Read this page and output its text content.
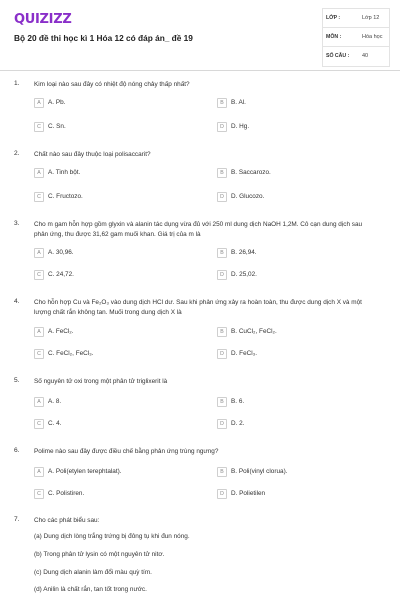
QUIZIZZ
Bộ 20 đề thi học kì 1 Hóa 12 có đáp án_ đề 19
LỚP :	Lớp 12
MÔN :	Hóa học
SỐ CÂU : 40
1. Kim loại nào sau đây có nhiệt độ nóng chảy thấp nhất?
A	A. Pb.	B	B. Al.
C	C. Sn.	D	D. Hg.
2. Chất nào sau đây thuộc loại polisaccarit?
A	A. Tinh bột.	B	B. Saccarozo.
C	C. Fructozo.	D	D. Glucozo.
3. Cho m gam hỗn hợp gồm glyxin và alanin tác dụng vừa đủ với 250 ml dung dịch NaOH 1,2M. Cô cạn dung dịch sau
phản ứng, thu được 31,62 gam muối khan. Giá trị của m là
A	A. 30,96.	B	B. 26,94.
C	C. 24,72.	D	D. 25,02.
4. Cho hỗn hợp Cu và Fe₂O₃ vào dung dịch HCl dư. Sau khi phản ứng xảy ra hoàn toàn, thu được dung dịch X và một
lượng chất rắn không tan. Muối trong dung dịch X là
A	A. FeCl₂.	B	B. CuCl₂, FeCl₂.
C	C. FeCl₂, FeCl₃.	D	D. FeCl₃.
5. Số nguyên tử oxi trong một phân tử triglixerit là
A	A. 8.	B	B. 6.
C	C. 4.	D	D. 2.
6. Polime nào sau đây được điều chế bằng phản ứng trùng ngưng?
A	A. Poli(etylen terephtalat).	B	B. Poli(vinyl clorua).
C	C. Polistiren.	D	D. Polietilen
7. Cho các phát biểu sau:
(a) Dung dịch lòng trắng trứng bị đông tụ khi đun nóng.
(b) Trong phân tử lysin có một nguyên tử nitơ.
(c) Dung dịch alanin làm đổi màu quỳ tím.
(d) Anilin là chất rắn, tan tốt trong nước.
